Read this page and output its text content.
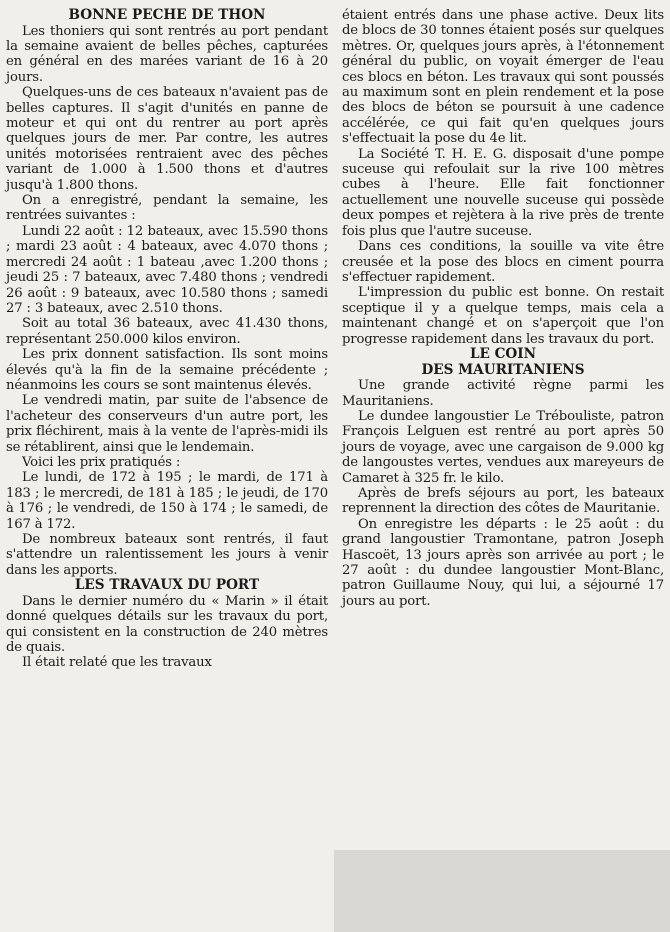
BONNE PECHE DE THON

Les thoniers qui sont rentrés au port pendant la semaine avaient de belles pêches, capturées en général en des marées variant de 16 à 20 jours.

Quelques-uns de ces bateaux n'avaient pas de belles captures. Il s'agit d'unités en panne de moteur et qui ont du rentrer au port après quelques jours de mer. Par contre, les autres unités motorisées rentraient avec des pêches variant de 1.000 à 1.500 thons et d'autres jusqu'à 1.800 thons.

On a enregistré, pendant la semaine, les rentrées suivantes :

Lundi 22 août : 12 bateaux, avec 15.590 thons ; mardi 23 août : 4 bateaux, avec 4.070 thons ; mercredi 24 août : 1 bateau ,avec 1.200 thons ; jeudi 25 : 7 bateaux, avec 7.480 thons ; vendredi 26 août : 9 bateaux, avec 10.580 thons ; samedi 27 : 3 bateaux, avec 2.510 thons.

Soit au total 36 bateaux, avec 41.430 thons, représentant 250.000 kilos environ.

Les prix donnent satisfaction. Ils sont moins élevés qu'à la fin de la semaine précédente ; néanmoins les cours se sont maintenus élevés.

Le vendredi matin, par suite de l'absence de l'acheteur des conserveurs d'un autre port, les prix fléchirent, mais à la vente de l'après-midi ils se rétablirent, ainsi que le lendemain.

Voici les prix pratiqués :

Le lundi, de 172 à 195 ; le mardi, de 171 à 183 ; le mercredi, de 181 à 185 ; le jeudi, de 170 à 176 ; le vendredi, de 150 à 174 ; le samedi, de 167 à 172.

De nombreux bateaux sont rentrés, il faut s'attendre un ralentissement les jours à venir dans les apports.

LES TRAVAUX DU PORT

Dans le dernier numéro du « Marin » il était donné quelques détails sur les travaux du port, qui consistent en la construction de 240 mètres de quais.

Il était relaté que les travaux

étaient entrés dans une phase active. Deux lits de blocs de 30 tonnes étaient posés sur quelques mètres. Or, quelques jours après, à l'étonnement général du public, on voyait émerger de l'eau ces blocs en béton. Les travaux qui sont poussés au maximum sont en plein rendement et la pose des blocs de béton se poursuit à une cadence accélérée, ce qui fait qu'en quelques jours s'effectuait la pose du 4e lit.

La Société T. H. E. G. disposait d'une pompe suceuse qui refoulait sur la rive 100 mètres cubes à l'heure. Elle fait fonctionner actuellement une nouvelle suceuse qui possède deux pompes et rejètera à la rive près de trente fois plus que l'autre suceuse.

Dans ces conditions, la souille va vite être creusée et la pose des blocs en ciment pourra s'effectuer rapidement.

L'impression du public est bonne. On restait sceptique il y a quelque temps, mais cela a maintenant changé et on s'aperçoit que l'on progresse rapidement dans les travaux du port.

LE COIN
DES MAURITANIENS

Une grande activité règne parmi les Mauritaniens.

Le dundee langoustier Le Trébouliste, patron François Lelguen est rentré au port après 50 jours de voyage, avec une cargaison de 9.000 kg de langoustes vertes, vendues aux mareyeurs de Camaret à 325 fr. le kilo.

Après de brefs séjours au port, les bateaux reprennent la direction des côtes de Mauritanie.

On enregistre les départs : le 25 août : du grand langoustier Tramontane, patron Joseph Hascoët, 13 jours après son arrivée au port ; le 27 août : du dundee langoustier Mont-Blanc, patron Guillaume Nouy, qui lui, a séjourné 17 jours au port.
